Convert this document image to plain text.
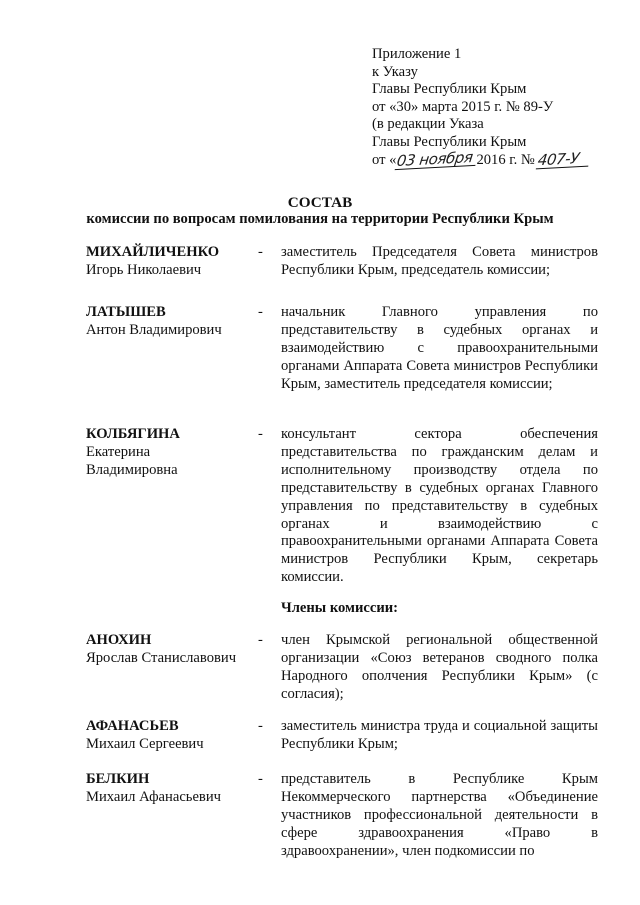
Приложение 1
к Указу
Главы Республики Крым
от «30» марта 2015 г. № 89-У
(в редакции Указа
Главы Республики Крым
от «03 ноября 2016 г. № 407-У
СОСТАВ
комиссии по вопросам помилования на территории Республики Крым
МИХАЙЛИЧЕНКО
Игорь Николаевич
- заместитель Председателя Совета министров Республики Крым, председатель комиссии;
ЛАТЫШЕВ
Антон Владимирович
- начальник Главного управления по представительству в судебных органах и взаимодействию с правоохранительными органами Аппарата Совета министров Республики Крым, заместитель председателя комиссии;
КОЛБЯГИНА
Екатерина Владимировна
- консультант сектора обеспечения представительства по гражданским делам и исполнительному производству отдела по представительству в судебных органах Главного управления по представительству в судебных органах и взаимодействию с правоохранительными органами Аппарата Совета министров Республики Крым, секретарь комиссии.
Члены комиссии:
АНОХИН
Ярослав Станиславович
- член Крымской региональной общественной организации «Союз ветеранов сводного полка Народного ополчения Республики Крым» (с согласия);
АФАНАСЬЕВ
Михаил Сергеевич
- заместитель министра труда и социальной защиты Республики Крым;
БЕЛКИН
Михаил Афанасьевич
- представитель в Республике Крым Некоммерческого партнерства «Объединение участников профессиональной деятельности в сфере здравоохранения «Право в здравоохранении», член подкомиссии по
